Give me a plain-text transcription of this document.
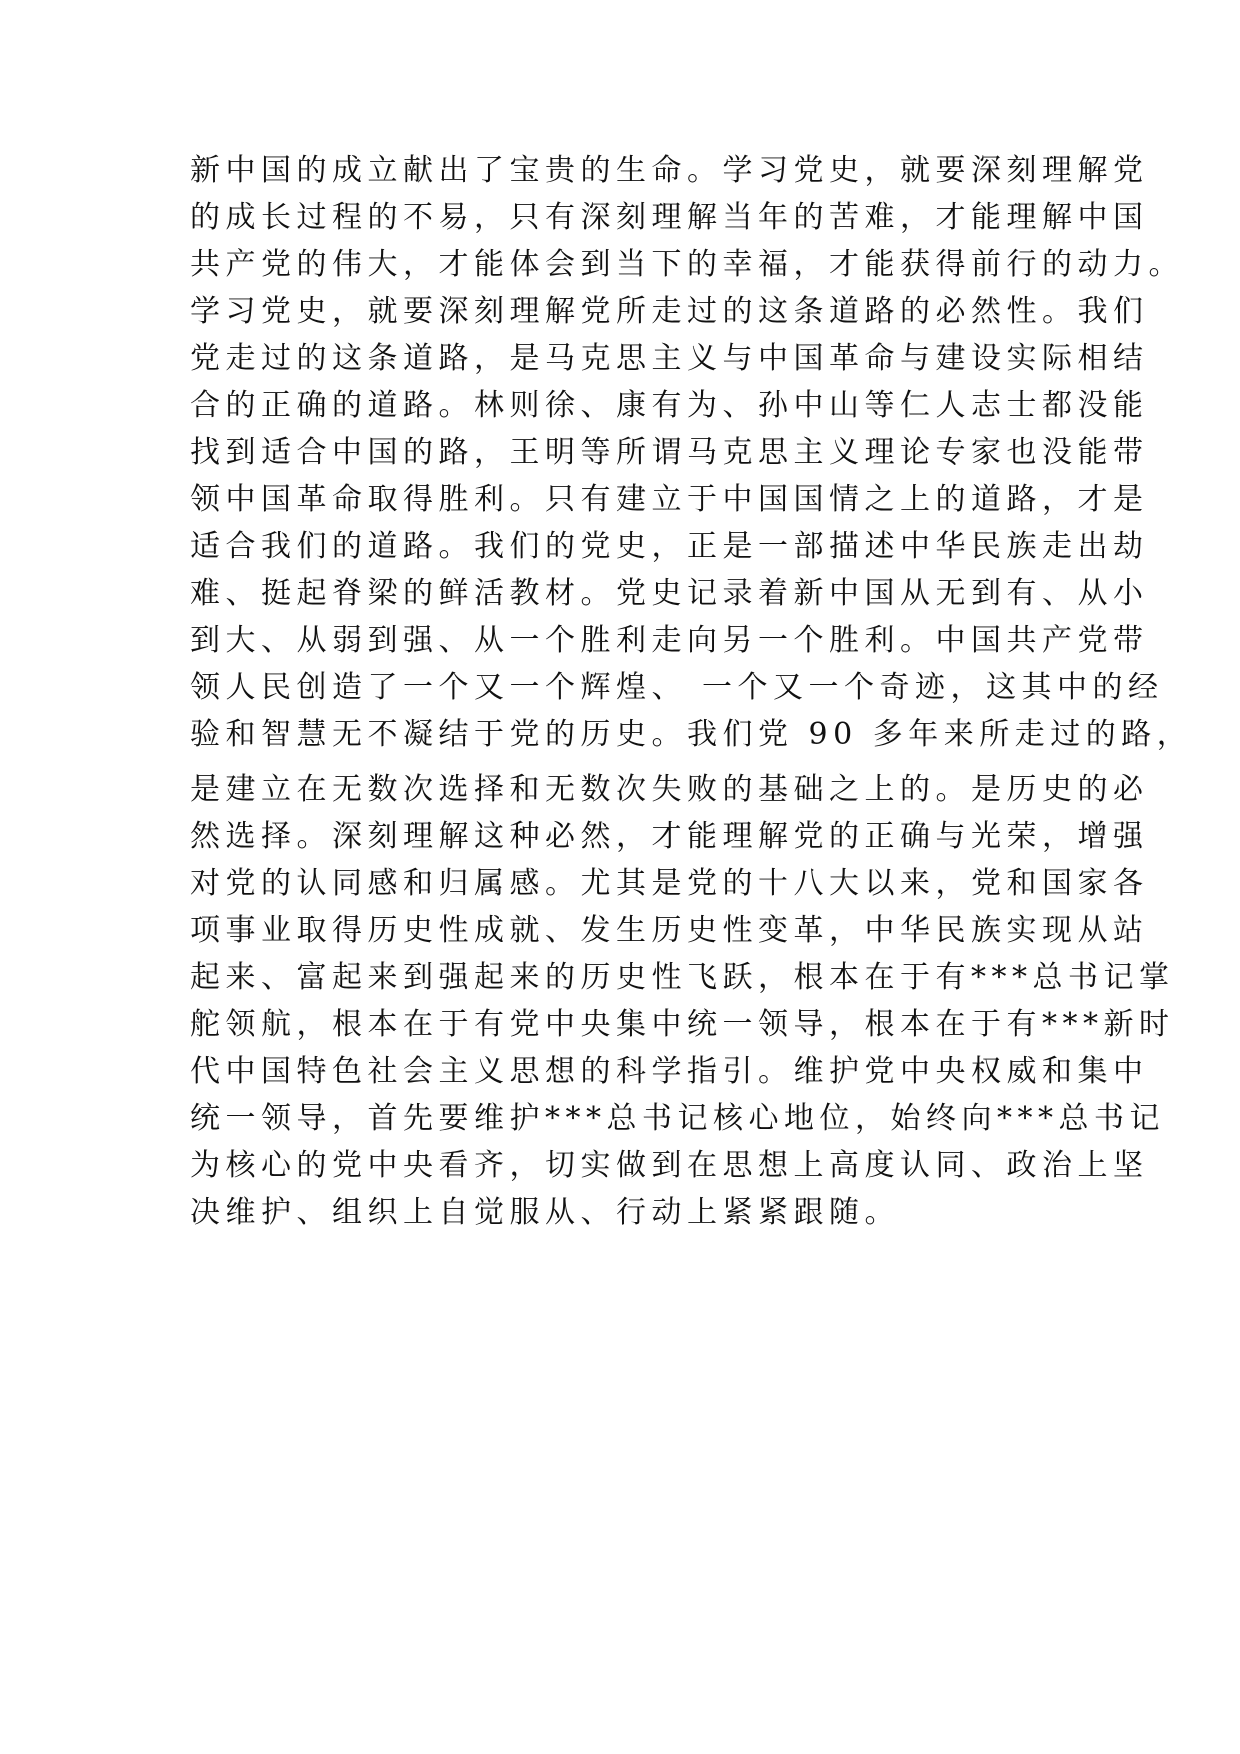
新中国的成立献出了宝贵的生命。学习党史，就要深刻理解党
的成长过程的不易，只有深刻理解当年的苦难，才能理解中国
共产党的伟大，才能体会到当下的幸福，才能获得前行的动力。
学习党史，就要深刻理解党所走过的这条道路的必然性。我们
党走过的这条道路，是马克思主义与中国革命与建设实际相结
合的正确的道路。林则徐、康有为、孙中山等仁人志士都没能
找到适合中国的路，王明等所谓马克思主义理论专家也没能带
领中国革命取得胜利。只有建立于中国国情之上的道路，才是
适合我们的道路。我们的党史，正是一部描述中华民族走出劫
难、挺起脊梁的鲜活教材。党史记录着新中国从无到有、从小
到大、从弱到强、从一个胜利走向另一个胜利。中国共产党带
领人民创造了一个又一个辉煌、 一个又一个奇迹，这其中的经
验和智慧无不凝结于党的历史。我们党 90 多年来所走过的路，
是建立在无数次选择和无数次失败的基础之上的。是历史的必
然选择。深刻理解这种必然，才能理解党的正确与光荣，增强
对党的认同感和归属感。尤其是党的十八大以来，党和国家各
项事业取得历史性成就、发生历史性变革，中华民族实现从站
起来、富起来到强起来的历史性飞跃，根本在于有***总书记掌
舵领航，根本在于有党中央集中统一领导，根本在于有***新时
代中国特色社会主义思想的科学指引。维护党中央权威和集中
统一领导，首先要维护***总书记核心地位，始终向***总书记
为核心的党中央看齐，切实做到在思想上高度认同、政治上坚
决维护、组织上自觉服从、行动上紧紧跟随。
